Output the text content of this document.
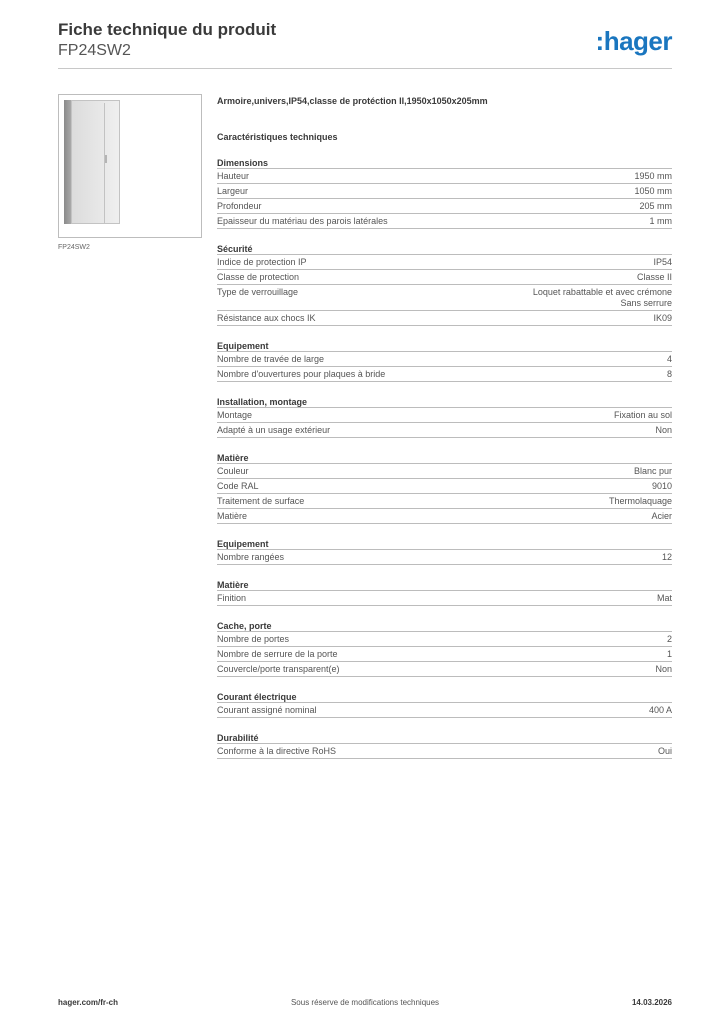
Fiche technique du produit
FP24SW2	:hager
FP24SW2
Armoire,univers,IP54,classe de protéction II,1950x1050x205mm
Caractéristiques techniques
Dimensions
Hauteur	1950 mm
Largeur	1050 mm
Profondeur	205 mm
Epaisseur du matériau des parois latérales	1 mm
Sécurité
Indice de protection IP	IP54
Classe de protection	Classe II
Type de verrouillage	Loquet rabattable et avec crémone
Sans serrure
Résistance aux chocs IK	IK09
Equipement
Nombre de travée de large	4
Nombre d'ouvertures pour plaques à bride	8
Installation, montage
Montage	Fixation au sol
Adapté à un usage extérieur	Non
Matière
Couleur	Blanc pur
Code RAL	9010
Traitement de surface	Thermolaquage
Matière	Acier
Equipement
Nombre rangées	12
Matière
Finition	Mat
Cache, porte
Nombre de portes	2
Nombre de serrure de la porte	1
Couvercle/porte transparent(e)	Non
Courant électrique
Courant assigné nominal	400 A
Durabilité
Conforme à la directive RoHS	Oui
hager.com/fr-ch	Sous réserve de modifications techniques	14.03.2026
